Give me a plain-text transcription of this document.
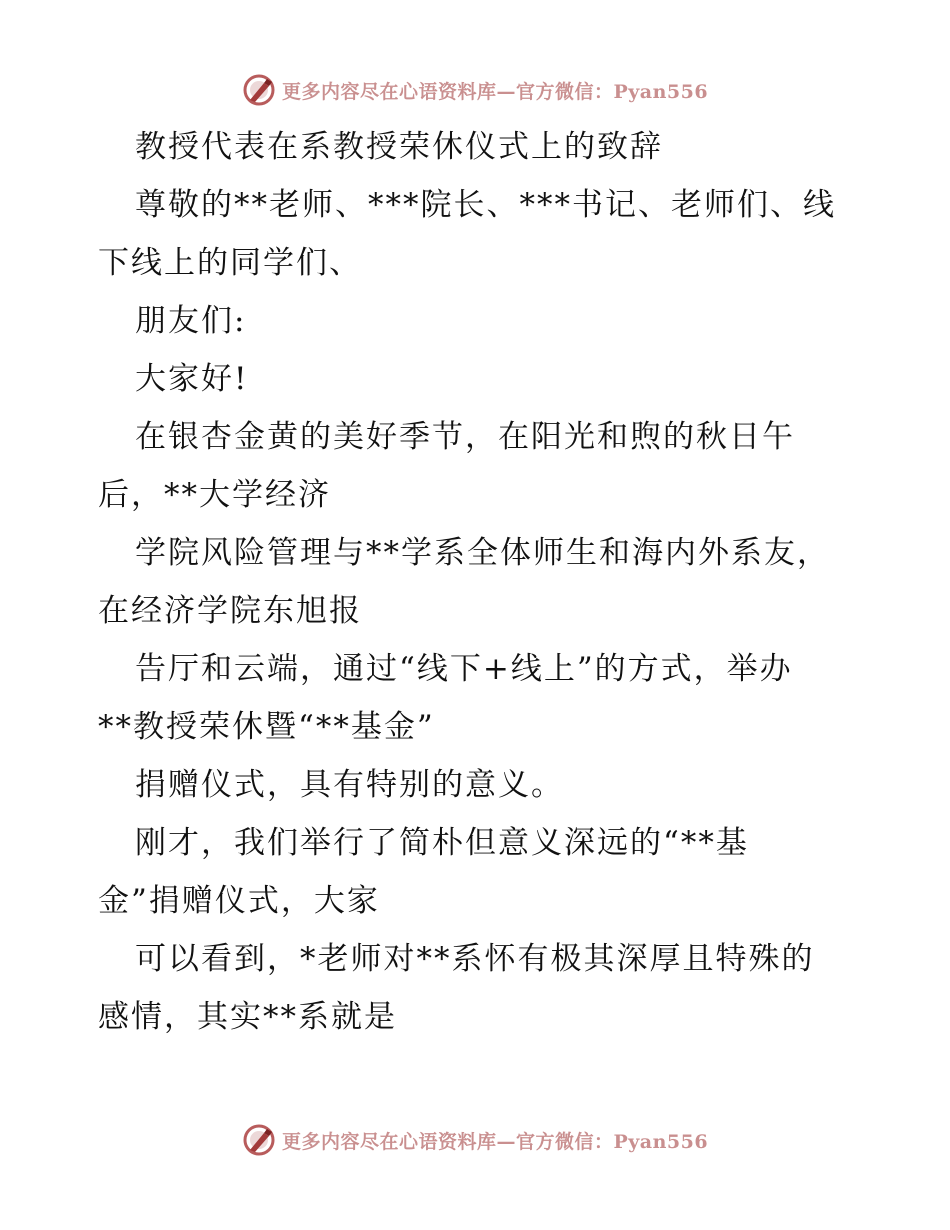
更多内容尽在心语资料库—官方微信：Pyan556
教授代表在系教授荣休仪式上的致辞
尊敬的**老师、***院长、***书记、老师们、线
下线上的同学们、
朋友们:
大家好!
在银杏金黄的美好季节，在阳光和煦的秋日午
后，**大学经济
学院风险管理与**学系全体师生和海内外系友，
在经济学院东旭报
告厅和云端，通过“线下+线上”的方式，举办
**教授荣休暨“**基金”
捐赠仪式，具有特别的意义。
刚才，我们举行了简朴但意义深远的“**基
金”捐赠仪式，大家
可以看到，*老师对**系怀有极其深厚且特殊的
感情，其实**系就是
更多内容尽在心语资料库—官方微信：Pyan556
